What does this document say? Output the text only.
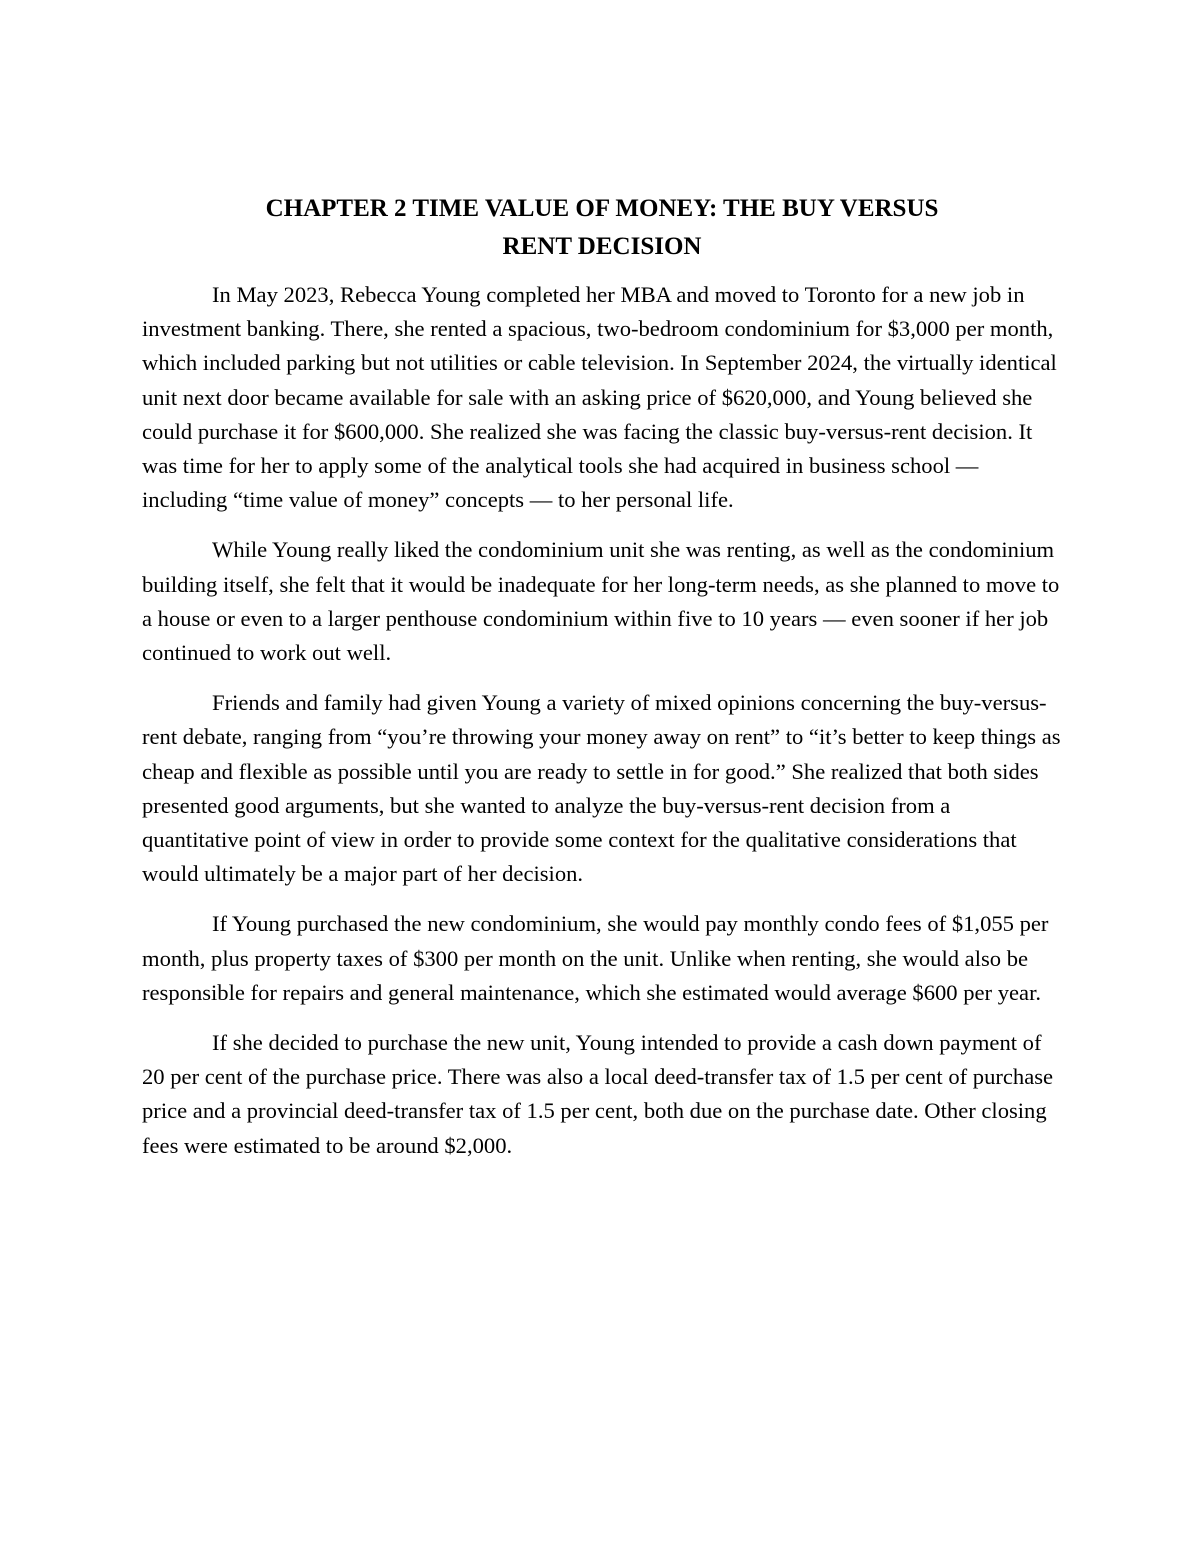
CHAPTER 2 TIME VALUE OF MONEY: THE BUY VERSUS
RENT DECISION

In May 2023, Rebecca Young completed her MBA and moved to Toronto for a new job in investment banking. There, she rented a spacious, two-bedroom condominium for $3,000 per month, which included parking but not utilities or cable television. In September 2024, the virtually identical unit next door became available for sale with an asking price of $620,000, and Young believed she could purchase it for $600,000. She realized she was facing the classic buy-versus-rent decision. It was time for her to apply some of the analytical tools she had acquired in business school — including “time value of money” concepts — to her personal life.

While Young really liked the condominium unit she was renting, as well as the condominium building itself, she felt that it would be inadequate for her long-term needs, as she planned to move to a house or even to a larger penthouse condominium within five to 10 years — even sooner if her job continued to work out well.

Friends and family had given Young a variety of mixed opinions concerning the buy-versus-rent debate, ranging from “you’re throwing your money away on rent” to “it’s better to keep things as cheap and flexible as possible until you are ready to settle in for good.” She realized that both sides presented good arguments, but she wanted to analyze the buy-versus-rent decision from a quantitative point of view in order to provide some context for the qualitative considerations that would ultimately be a major part of her decision.

If Young purchased the new condominium, she would pay monthly condo fees of $1,055 per month, plus property taxes of $300 per month on the unit. Unlike when renting, she would also be responsible for repairs and general maintenance, which she estimated would average $600 per year.

If she decided to purchase the new unit, Young intended to provide a cash down payment of 20 per cent of the purchase price. There was also a local deed-transfer tax of 1.5 per cent of purchase price and a provincial deed-transfer tax of 1.5 per cent, both due on the purchase date. Other closing fees were estimated to be around $2,000.
